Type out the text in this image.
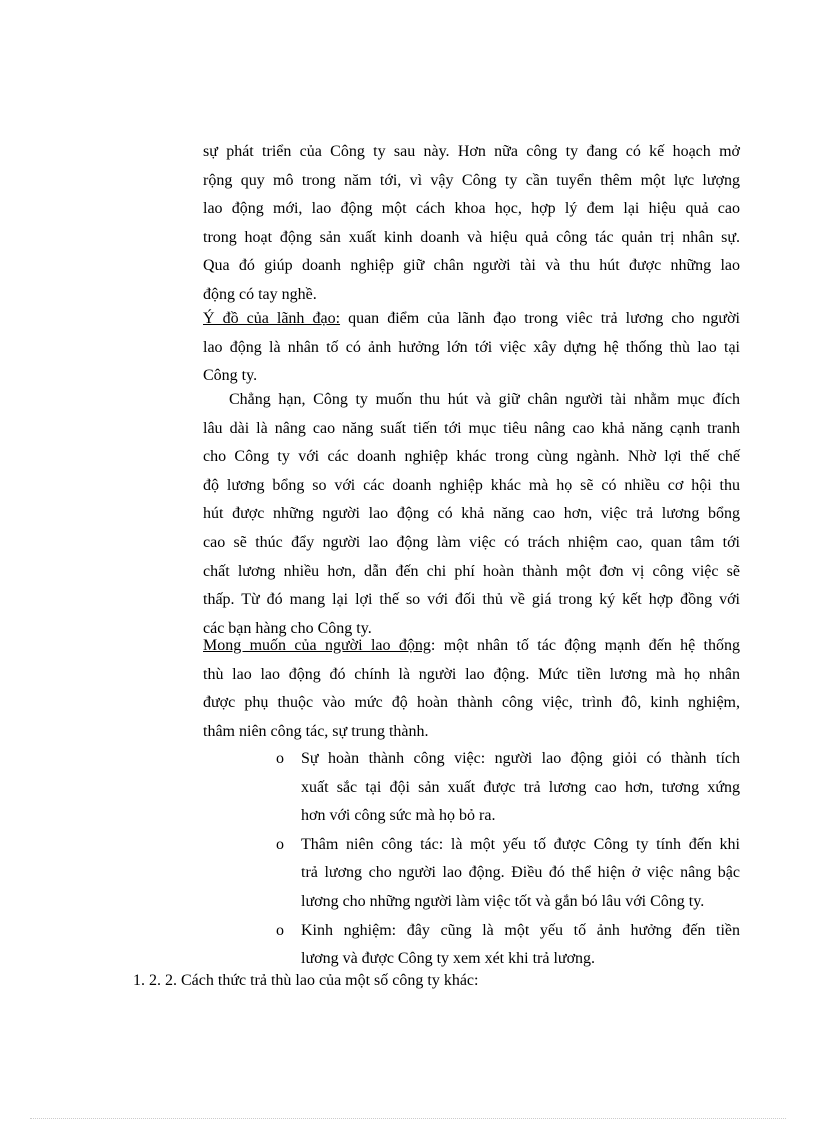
sự phát triển của Công ty sau này. Hơn nữa công ty đang có kế hoạch mở
rộng quy mô trong năm tới, vì vậy Công ty cần tuyển thêm một lực lượng
lao động mới, lao động một cách khoa học, hợp lý đem lại hiệu quả cao
trong hoạt động sản xuất kinh doanh và hiệu quả công tác quản trị nhân sự.
Qua đó giúp doanh nghiệp giữ chân người tài và thu hút được những lao
động có tay nghề.
Ý đồ của lãnh đạo: quan điểm của lãnh đạo trong viêc trả lương cho người
lao động là nhân tố có ảnh hưởng lớn tới việc xây dựng hệ thống thù lao tại
Công ty.
Chẳng hạn, Công ty muốn thu hút và giữ chân người tài nhằm mục đích
lâu dài là nâng cao năng suất tiến tới mục tiêu nâng cao khả năng cạnh tranh
cho Công ty với các doanh nghiệp khác trong cùng ngành. Nhờ lợi thế chế
độ lương bổng so với các doanh nghiệp khác mà họ sẽ có nhiều cơ hội thu
hút được những người lao động có khả năng cao hơn, việc trả lương bổng
cao sẽ thúc đẩy người lao động làm việc có trách nhiệm cao, quan tâm tới
chất lương nhiều hơn, dẫn đến chi phí hoàn thành một đơn vị công việc sẽ
thấp. Từ đó mang lại lợi thế so với đối thủ về giá trong ký kết hợp đồng với
các bạn hàng cho Công ty.
Mong muốn của người lao động: một nhân tố tác động mạnh đến hệ thống
thù lao lao động đó chính là người lao động. Mức tiền lương mà họ nhân
được phụ thuộc vào mức độ hoàn thành công việc, trình đô, kinh nghiệm,
thâm niên công tác, sự trung thành.
o Sự hoàn thành công việc: người lao động giỏi có thành tích
xuất sắc tại đội sản xuất được trả lương cao hơn, tương xứng
hơn với công sức mà họ bỏ ra.
o Thâm niên công tác: là một yếu tố được Công ty tính đến khi
trả lương cho người lao động. Điều đó thể hiện ở việc nâng bậc
lương cho những người làm việc tốt và gắn bó lâu với Công ty.
o Kinh nghiệm: đây cũng là một yếu tố ảnh hưởng đến tiền
lương và được Công ty xem xét khi trả lương.
1. 2. 2. Cách thức trả thù lao của một số công ty khác:
